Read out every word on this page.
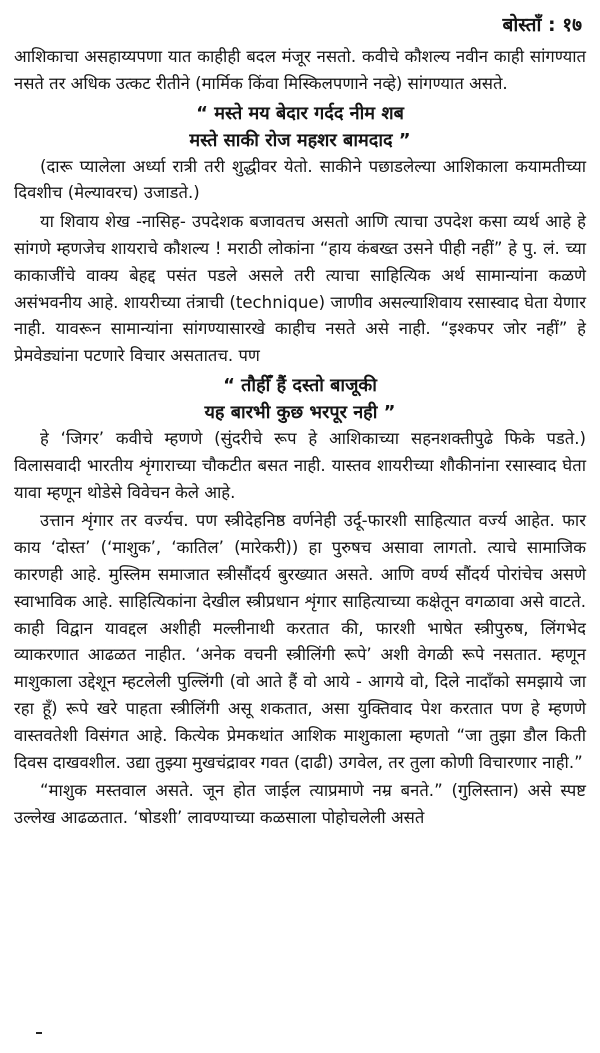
बोस्ताँ : १७

आशिकाचा असहाय्यपणा यात काहीही बदल मंजूर नसतो. कवीचे कौशल्य नवीन काही सांगण्यात नसते तर अधिक उत्कट रीतीने (मार्मिक किंवा मिस्किलपणाने नव्हे) सांगण्यात असते.

“ मस्ते मय बेदार गर्दद नीम शब

मस्ते साकी रोज महशर बामदाद ”

(दारू प्यालेला अर्ध्या रात्री तरी शुद्धीवर येतो. साकीने पछाडलेल्या आशिकाला कयामतीच्या दिवशीच (मेल्यावरच) उजाडते.)

या शिवाय शेख -नासिह- उपदेशक बजावतच असतो आणि त्याचा उपदेश कसा व्यर्थ आहे हे सांगणे म्हणजेच शायराचे कौशल्य ! मराठी लोकांना “हाय कंबख्त उसने पीही नहीं” हे पु. लं. च्या काकाजींचे वाक्य बेहद्द पसंत पडले असले तरी त्याचा साहित्यिक अर्थ सामान्यांना कळणे असंभवनीय आहे. शायरीच्या तंत्राची (technique) जाणीव असल्याशिवाय रसास्वाद घेता येणार नाही. यावरून सामान्यांना सांगण्यासारखे काहीच नसते असे नाही. “इश्कपर जोर नहीं” हे प्रेमवेड्यांना पटणारे विचार असतातच. पण

“ तौहीँ हैं दस्तो बाजूकी

यह बारभी कुछ भरपूर नही ”

हे ‘जिगर’ कवीचे म्हणणे (सुंदरीचे रूप हे आशिकाच्या सहनशक्तीपुढे फिके पडते.) विलासवादी भारतीय शृंगाराच्या चौकटीत बसत नाही. यास्तव शायरीच्या शौकीनांना रसास्वाद घेता यावा म्हणून थोडेसे विवेचन केले आहे.

उत्तान शृंगार तर वर्ज्यच. पण स्त्रीदेहनिष्ठ वर्णनेही उर्दू-फारशी साहित्यात वर्ज्य आहेत. फार काय ‘दोस्त’ (‘माशुक’, ‘कातिल’ (मारेकरी)) हा पुरुषच असावा लागतो. त्याचे सामाजिक कारणही आहे. मुस्लिम समाजात स्त्रीसौंदर्य बुरख्यात असते. आणि वर्ण्य सौंदर्य पोरांचेच असणे स्वाभाविक आहे. साहित्यिकांना देखील स्त्रीप्रधान शृंगार साहित्याच्या कक्षेतून वगळावा असे वाटते. काही विद्वान यावद्दल अशीही मल्लीनाथी करतात की, फारशी भाषेत स्त्रीपुरुष, लिंगभेद व्याकरणात आढळत नाहीत. ‘अनेक वचनी स्त्रीलिंगी रूपे’ अशी वेगळी रूपे नसतात. म्हणून माशुकाला उद्देशून म्हटलेली पुल्लिंगी (वो आते हैं वो आये - आगये वो, दिले नादाँको समझाये जा रहा हूँ) रूपे खरे पाहता स्त्रीलिंगी असू शकतात, असा युक्तिवाद पेश करतात पण हे म्हणणे वास्तवतेशी विसंगत आहे. कित्येक प्रेमकथांत आशिक माशुकाला म्हणतो “जा तुझा डौल किती दिवस दाखवशील. उद्या तुझ्या मुखचंद्रावर गवत (दाढी) उगवेल, तर तुला कोणी विचारणार नाही.”

“माशुक मस्तवाल असते. जून होत जाईल त्याप्रमाणे नम्र बनते.” (गुलिस्तान) असे स्पष्ट उल्लेख आढळतात. ‘षोडशी’ लावण्याच्या कळसाला पोहोचलेली असते
